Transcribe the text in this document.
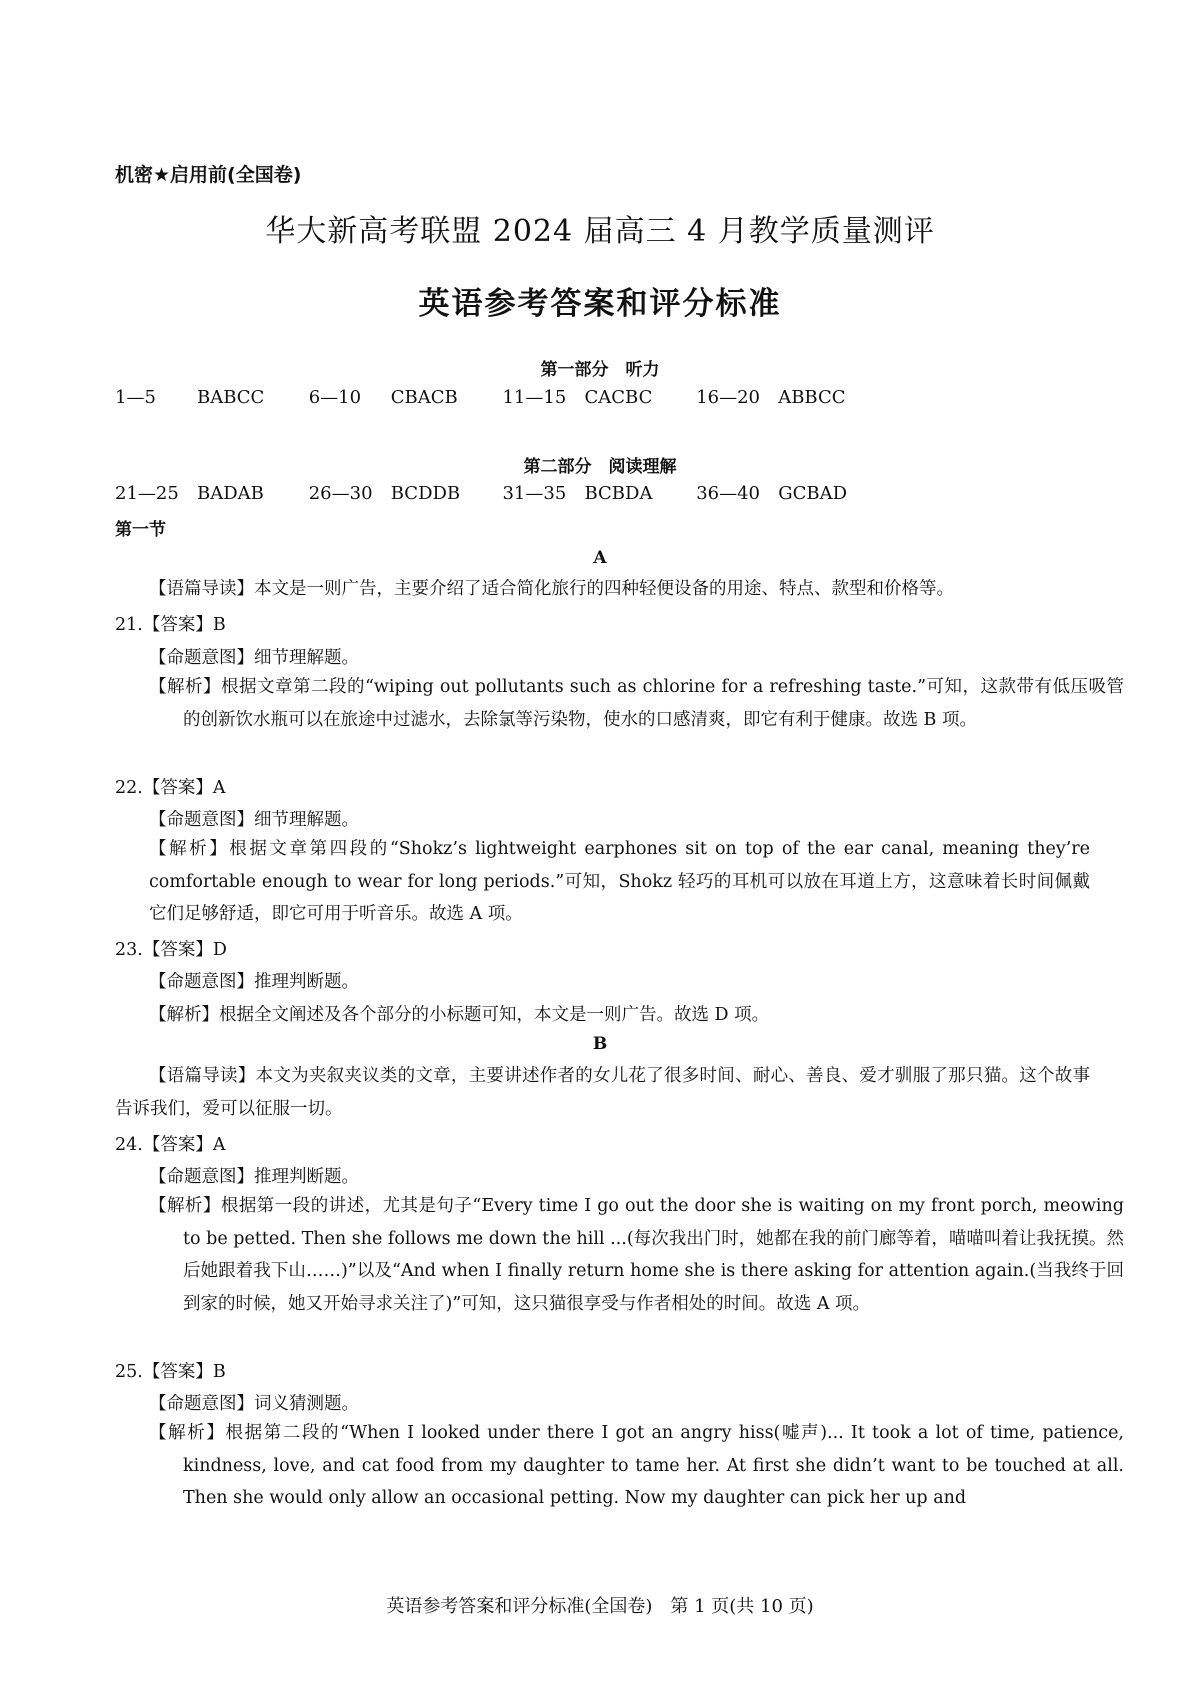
机密★启用前(全国卷)
华大新高考联盟 2024 届高三 4 月教学质量测评
英语参考答案和评分标准
第一部分　听力
1—5 BABCC 6—10 CBACB 11—15 CACBC 16—20 ABBCC
第二部分　阅读理解
21—25 BADAB 26—30 BCDDB 31—35 BCBDA 36—40 GCBAD
第一节
A
【语篇导读】本文是一则广告，主要介绍了适合简化旅行的四种轻便设备的用途、特点、款型和价格等。
21.【答案】B
【命题意图】细节理解题。
【解析】根据文章第二段的“wiping out pollutants such as chlorine for a refreshing taste.”可知，这款带有低压吸管的创新饮水瓶可以在旅途中过滤水，去除氯等污染物，使水的口感清爽，即它有利于健康。故选 B 项。
22.【答案】A
【命题意图】细节理解题。
【解析】根据文章第四段的“Shokz’s lightweight earphones sit on top of the ear canal, meaning they’re comfortable enough to wear for long periods.”可知，Shokz 轻巧的耳机可以放在耳道上方，这意味着长时间佩戴它们足够舒适，即它可用于听音乐。故选 A 项。
23.【答案】D
【命题意图】推理判断题。
【解析】根据全文阐述及各个部分的小标题可知，本文是一则广告。故选 D 项。
B
【语篇导读】本文为夹叙夹议类的文章，主要讲述作者的女儿花了很多时间、耐心、善良、爱才驯服了那只猫。这个故事告诉我们，爱可以征服一切。
24.【答案】A
【命题意图】推理判断题。
【解析】根据第一段的讲述，尤其是句子“Every time I go out the door she is waiting on my front porch, meowing to be petted. Then she follows me down the hill ...(每次我出门时，她都在我的前门廊等着，喵喵叫着让我抚摸。然后她跟着我下山……)”以及“And when I finally return home she is there asking for attention again.(当我终于回到家的时候，她又开始寻求关注了)”可知，这只猫很享受与作者相处的时间。故选 A 项。
25.【答案】B
【命题意图】词义猜测题。
【解析】根据第二段的“When I looked under there I got an angry hiss(嘘声)... It took a lot of time, patience, kindness, love, and cat food from my daughter to tame her. At first she didn’t want to be touched at all. Then she would only allow an occasional petting. Now my daughter can pick her up and
英语参考答案和评分标准(全国卷)　第 1 页(共 10 页)
